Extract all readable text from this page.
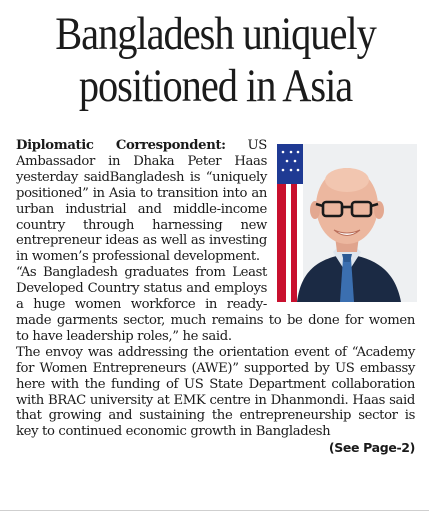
Bangladesh uniquely
positioned in Asia

Diplomatic Correspondent: US Ambassador in Dhaka Peter Haas yesterday saidBangladesh is “uniquely positioned” in Asia to transition into an urban industrial and middle-income country through harnessing new entrepreneur ideas as well as investing in women’s professional development.

“As Bangladesh graduates from Least Developed Country status and employs a huge women workforce in ready-made garments sector, much remains to be done for women to have leadership roles,” he said.

The envoy was addressing the orientation event of “Academy for Women Entrepreneurs (AWE)” supported by US embassy here with the funding of US State Department collaboration with BRAC university at EMK centre in Dhanmondi. Haas said that growing and sustaining the entrepreneurship sector is key to continued economic growth in Bangladesh
(See Page-2)
